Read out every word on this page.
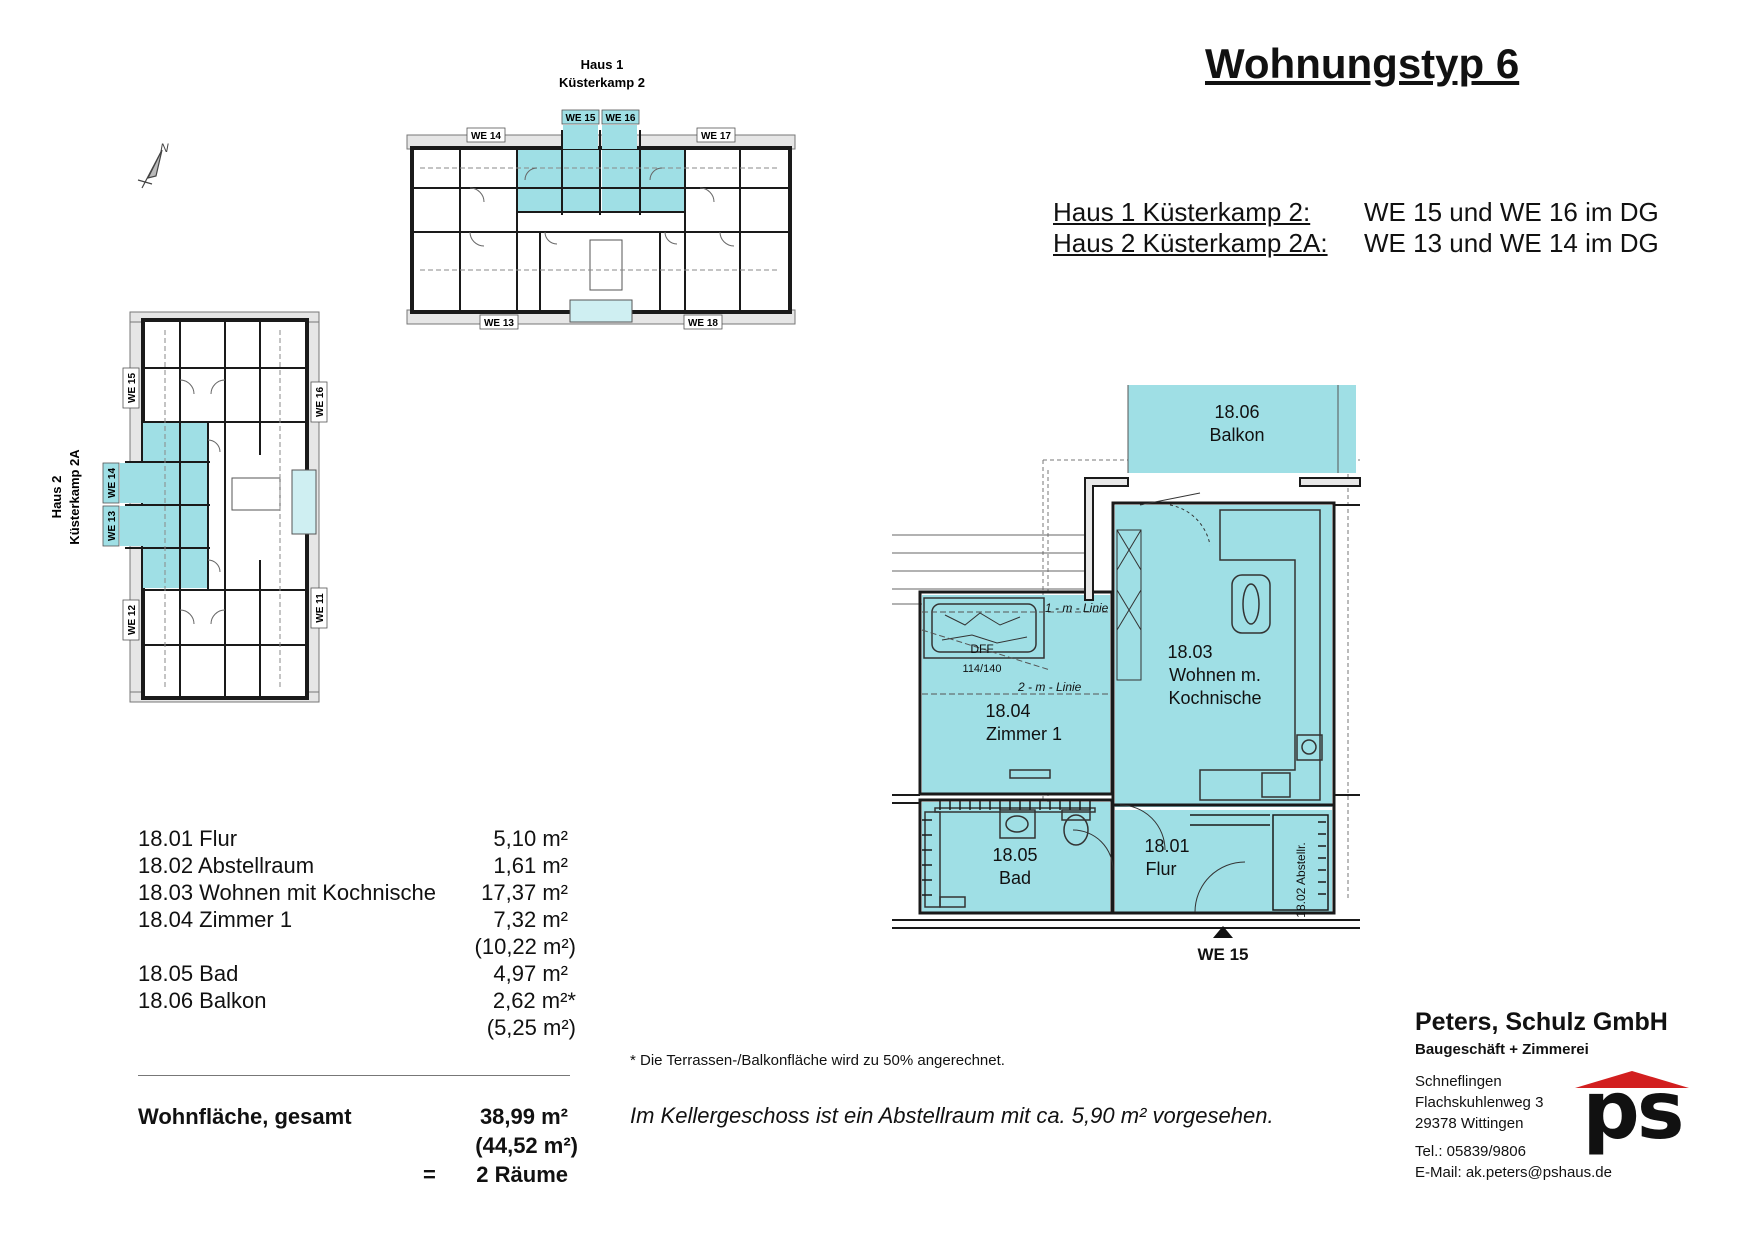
Haus 1
Küsterkamp 2
WE 15 WE 16
WE 14	WE 17
WE 13	WE 18
N
Haus 2 Küsterkamp 2A
WE 15	WE 16
WE 14
WE 13
WE 12	WE 11
18.06
Balkon
18.03
Wohnen m.
Kochnische
18.04
Zimmer 1
18.05
Bad
18.01
Flur	18.02 Abstellr.
1 - m - Linie
2 - m - Linie
DFF
114/140
WE 15
ps
Wohnungstyp 6
Haus 1 Küsterkamp 2: WE 15 und WE 16 im DG
Haus 2 Küsterkamp 2A: WE 13 und WE 14 im DG
18.01 Flur	5,10 m²
18.02 Abstellraum	1,61 m²
18.03 Wohnen mit Kochnische 17,37 m²
18.04 Zimmer 1	7,32 m²
(10,22 m²)
18.05 Bad	4,97 m²
18.06 Balkon	2,62 m²*
(5,25 m²)
Wohnfläche, gesamt	38,99 m²
(44,52 m²)
= 2 Räume
* Die Terrassen-/Balkonfläche wird zu 50% angerechnet.
Im Kellergeschoss ist ein Abstellraum mit ca. 5,90 m² vorgesehen.
Peters, Schulz GmbH
Baugeschäft + Zimmerei
Schneflingen
Flachskuhlenweg 3
29378 Wittingen
Tel.: 05839/9806
E-Mail: ak.peters@pshaus.de
